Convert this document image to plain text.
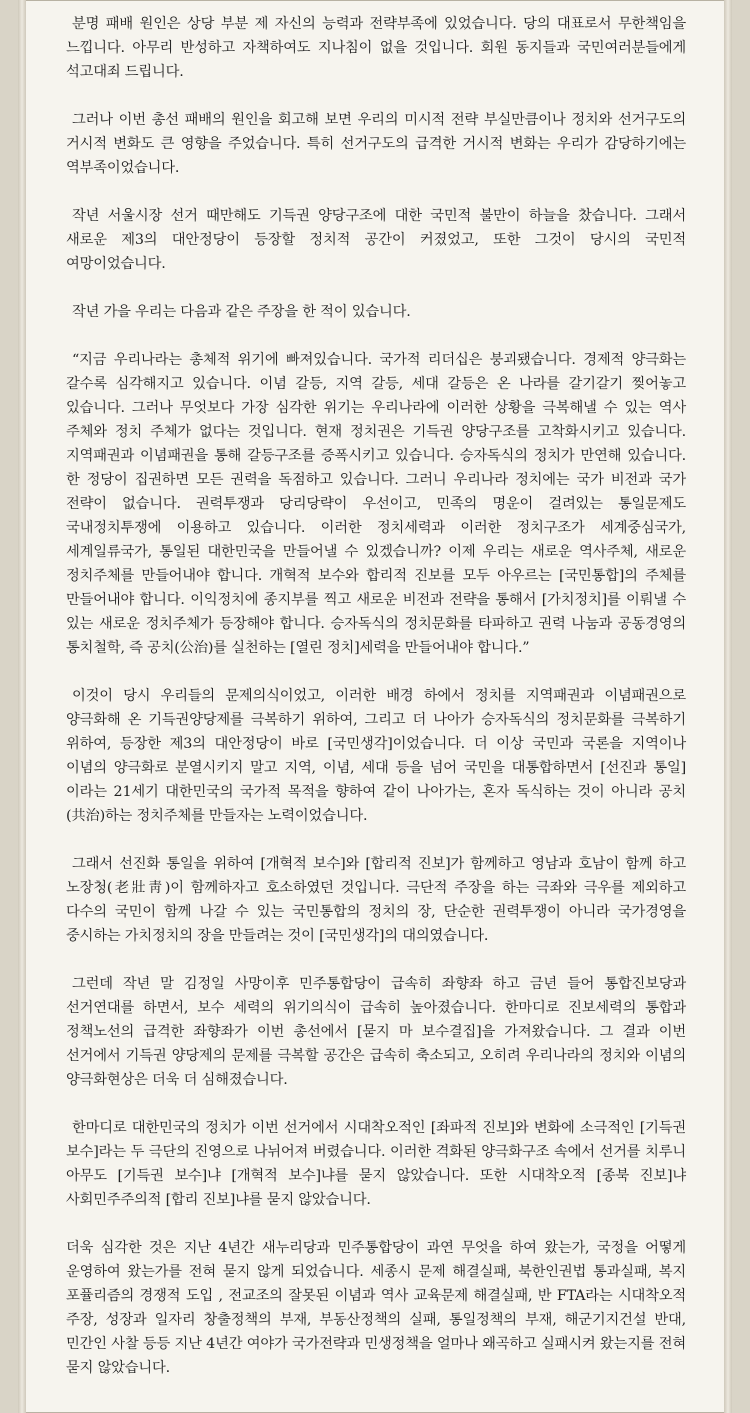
분명 패배 원인은 상당 부분 제 자신의 능력과 전략부족에 있었습니다. 당의 대표로서 무한책임을 느낍니다. 아무리 반성하고 자책하여도 지나침이 없을 것입니다. 회원 동지들과 국민여러분들에게 석고대죄 드립니다.

그러나 이번 총선 패배의 원인을 회고해 보면 우리의 미시적 전략 부실만큼이나 정치와 선거구도의 거시적 변화도 큰 영향을 주었습니다. 특히 선거구도의 급격한 거시적 변화는 우리가 감당하기에는 역부족이었습니다.

작년 서울시장 선거 때만해도 기득권 양당구조에 대한 국민적 불만이 하늘을 찼습니다. 그래서 새로운 제3의 대안정당이 등장할 정치적 공간이 커졌었고, 또한 그것이 당시의 국민적 여망이었습니다.

작년 가을 우리는 다음과 같은 주장을 한 적이 있습니다.

“지금 우리나라는 총체적 위기에 빠져있습니다. 국가적 리더십은 붕괴됐습니다. 경제적 양극화는 갈수록 심각해지고 있습니다. 이념 갈등, 지역 갈등, 세대 갈등은 온 나라를 갈기갈기 찢어놓고 있습니다. 그러나 무엇보다 가장 심각한 위기는 우리나라에 이러한 상황을 극복해낼 수 있는 역사 주체와 정치 주체가 없다는 것입니다. 현재 정치권은 기득권 양당구조를 고착화시키고 있습니다. 지역패권과 이념패권을 통해 갈등구조를 증폭시키고 있습니다. 승자독식의 정치가 만연해 있습니다. 한 정당이 집권하면 모든 권력을 독점하고 있습니다. 그러니 우리나라 정치에는 국가 비전과 국가 전략이 없습니다. 권력투쟁과 당리당략이 우선이고, 민족의 명운이 걸려있는 통일문제도 국내정치투쟁에 이용하고 있습니다. 이러한 정치세력과 이러한 정치구조가 세계중심국가, 세계일류국가, 통일된 대한민국을 만들어낼 수 있겠습니까? 이제 우리는 새로운 역사주체, 새로운 정치주체를 만들어내야 합니다. 개혁적 보수와 합리적 진보를 모두 아우르는 [국민통합]의 주체를 만들어내야 합니다. 이익정치에 종지부를 찍고 새로운 비전과 전략을 통해서 [가치정치]를 이뤄낼 수 있는 새로운 정치주체가 등장해야 합니다. 승자독식의 정치문화를 타파하고 권력 나눔과 공동경영의 통치철학, 즉 공치(公治)를 실천하는 [열린 정치]세력을 만들어내야 합니다.”

이것이 당시 우리들의 문제의식이었고, 이러한 배경 하에서 정치를 지역패권과 이념패권으로 양극화해 온 기득권양당제를 극복하기 위하여, 그리고 더 나아가 승자독식의 정치문화를 극복하기 위하여, 등장한 제3의 대안정당이 바로 [국민생각]이었습니다. 더 이상 국민과 국론을 지역이나 이념의 양극화로 분열시키지 말고 지역, 이념, 세대 등을 넘어 국민을 대통합하면서 [선진과 통일]이라는 21세기 대한민국의 국가적 목적을 향하여 같이 나아가는, 혼자 독식하는 것이 아니라 공치(共治)하는 정치주체를 만들자는 노력이었습니다.

그래서 선진화 통일을 위하여 [개혁적 보수]와 [합리적 진보]가 함께하고 영남과 호남이 함께 하고 노장청(老壯靑)이 함께하자고 호소하였던 것입니다. 극단적 주장을 하는 극좌와 극우를 제외하고 다수의 국민이 함께 나갈 수 있는 국민통합의 정치의 장, 단순한 권력투쟁이 아니라 국가경영을 중시하는 가치정치의 장을 만들려는 것이 [국민생각]의 대의였습니다.

그런데 작년 말 김정일 사망이후 민주통합당이 급속히 좌향좌 하고 금년 들어 통합진보당과 선거연대를 하면서, 보수 세력의 위기의식이 급속히 높아졌습니다. 한마디로 진보세력의 통합과 정책노선의 급격한 좌향좌가 이번 총선에서 [묻지 마 보수결집]을 가져왔습니다. 그 결과 이번 선거에서 기득권 양당제의 문제를 극복할 공간은 급속히 축소되고, 오히려 우리나라의 정치와 이념의 양극화현상은 더욱 더 심해졌습니다.

한마디로 대한민국의 정치가 이번 선거에서 시대착오적인 [좌파적 진보]와 변화에 소극적인 [기득권 보수]라는 두 극단의 진영으로 나뉘어져 버렸습니다. 이러한 격화된 양극화구조 속에서 선거를 치루니 아무도 [기득권 보수]냐 [개혁적 보수]냐를 묻지 않았습니다. 또한 시대착오적 [종북 진보]냐 사회민주주의적 [합리 진보]냐를 묻지 않았습니다.

더욱 심각한 것은 지난 4년간 새누리당과 민주통합당이 과연 무엇을 하여 왔는가, 국정을 어떻게 운영하여 왔는가를 전혀 묻지 않게 되었습니다. 세종시 문제 해결실패, 북한인권법 통과실패, 복지 포퓰리즘의 경쟁적 도입 , 전교조의 잘못된 이념과 역사 교육문제 해결실패, 반 FTA라는 시대착오적 주장, 성장과 일자리 창출정책의 부재, 부동산정책의 실패, 통일정책의 부재, 해군기지건설 반대, 민간인 사찰 등등 지난 4년간 여야가 국가전략과 민생정책을 얼마나 왜곡하고 실패시켜 왔는지를 전혀 묻지 않았습니다.
